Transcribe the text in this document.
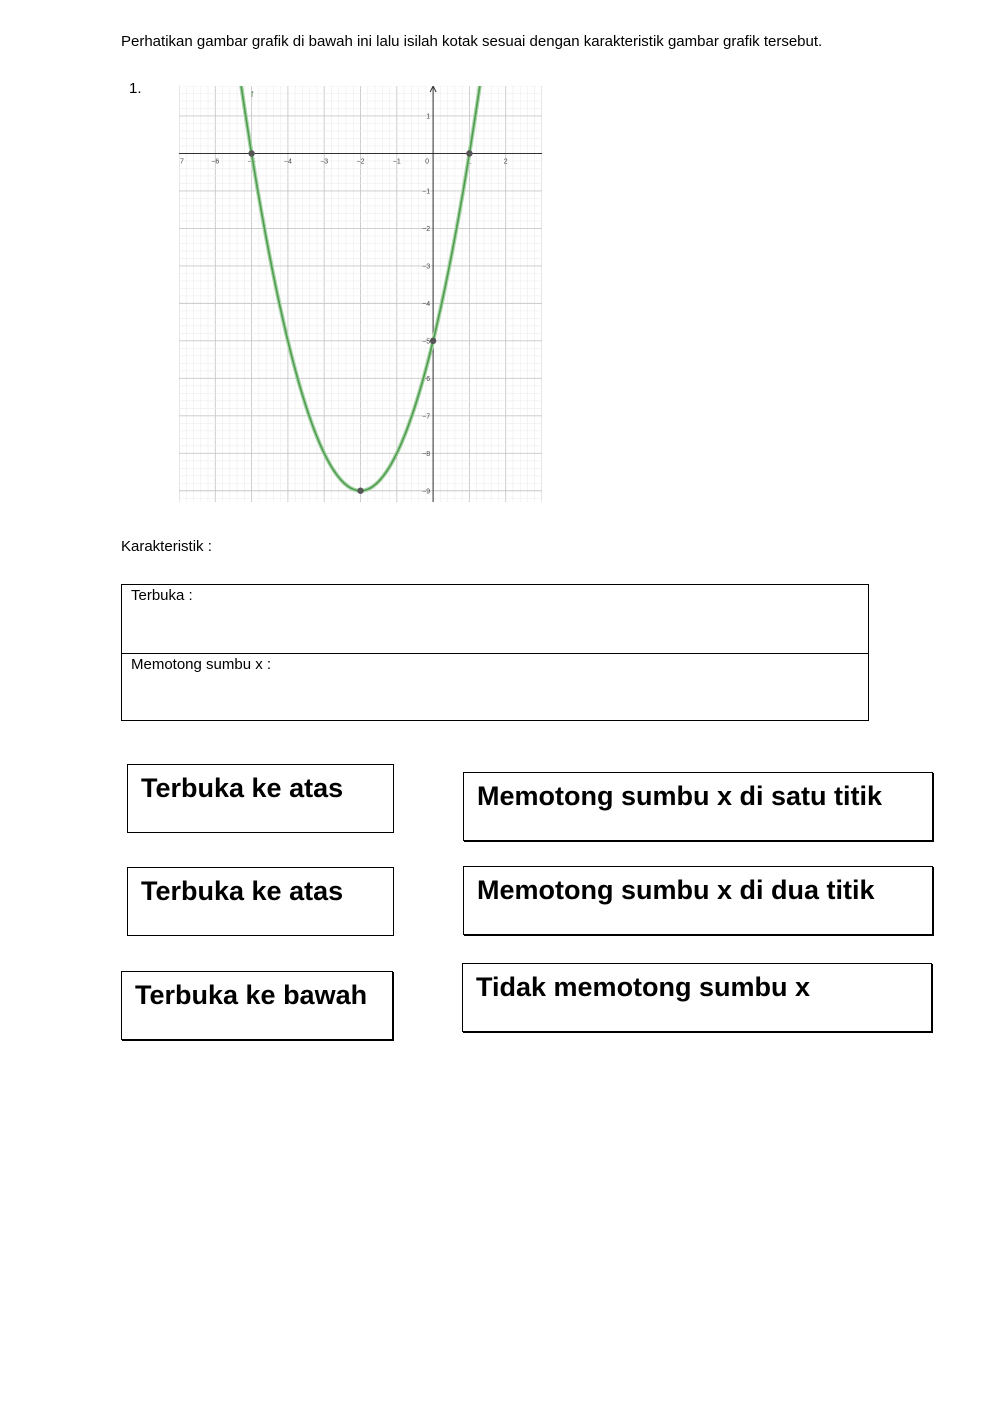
Perhatikan gambar grafik di bawah ini lalu isilah kotak sesuai dengan karakteristik gambar grafik tersebut.
1.
7	−6	−5	−4	−3	−2	−1	0	1	2
1
−1
−2
−3
−4
−5
−6
−7
−8
−9
f
Karakteristik :
Terbuka :
Memotong sumbu x :
Terbuka ke atas	Memotong sumbu x di satu titik
Terbuka ke atas	Memotong sumbu x di dua titik
Terbuka ke bawah	Tidak memotong sumbu x
